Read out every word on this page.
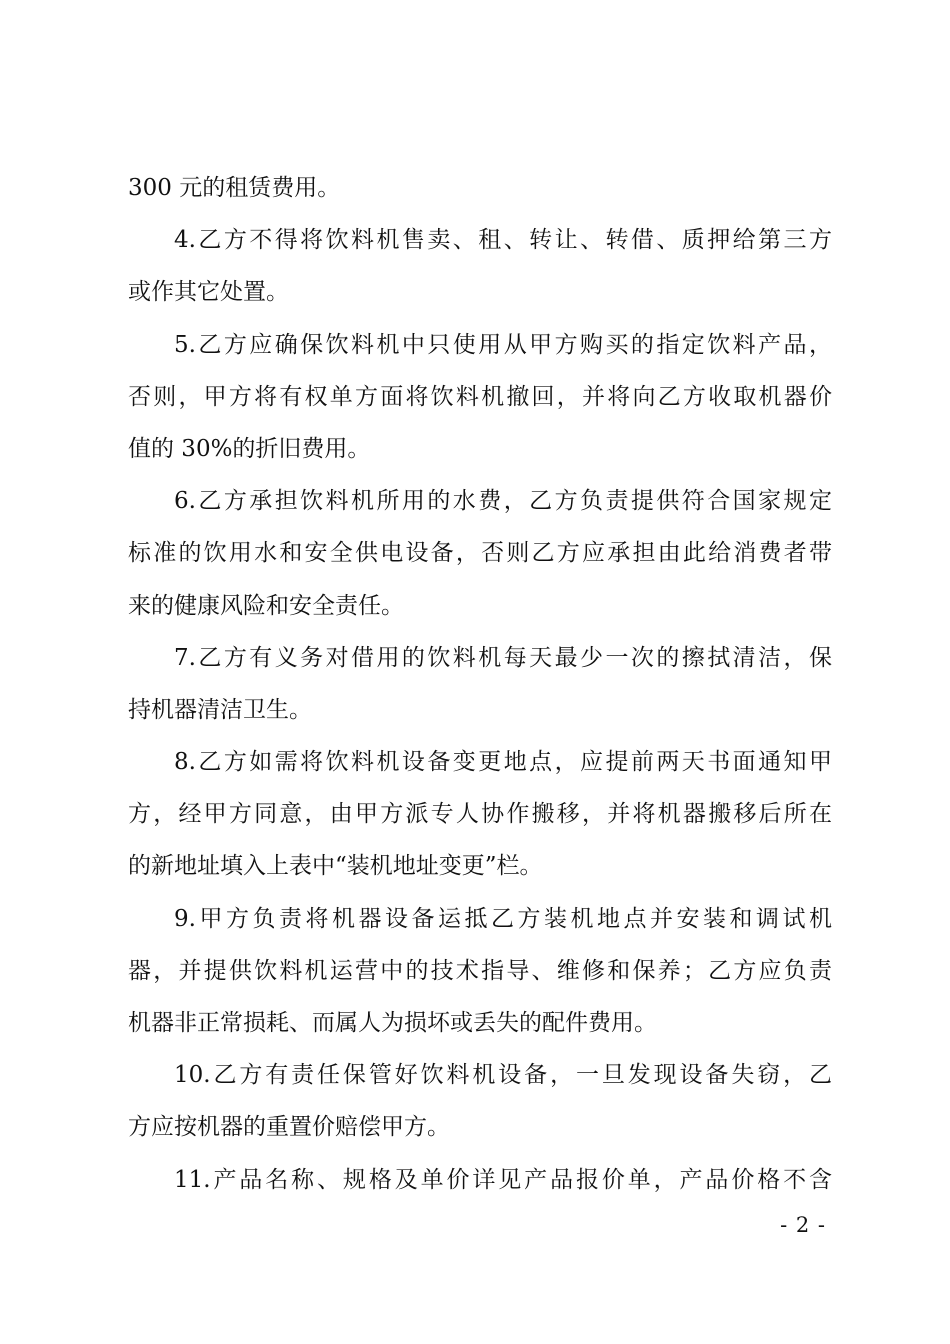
300 元的租赁费用。
4.乙方不得将饮料机售卖、租、转让、转借、质押给第三方
或作其它处置。
5.乙方应确保饮料机中只使用从甲方购买的指定饮料产品，
否则，甲方将有权单方面将饮料机撤回，并将向乙方收取机器价
值的 30%的折旧费用。
6.乙方承担饮料机所用的水费，乙方负责提供符合国家规定
标准的饮用水和安全供电设备，否则乙方应承担由此给消费者带
来的健康风险和安全责任。
7.乙方有义务对借用的饮料机每天最少一次的擦拭清洁，保
持机器清洁卫生。
8.乙方如需将饮料机设备变更地点，应提前两天书面通知甲
方，经甲方同意，由甲方派专人协作搬移，并将机器搬移后所在
的新地址填入上表中“装机地址变更”栏。
9.甲方负责将机器设备运抵乙方装机地点并安装和调试机
器，并提供饮料机运营中的技术指导、维修和保养；乙方应负责
机器非正常损耗、而属人为损坏或丢失的配件费用。
10.乙方有责任保管好饮料机设备，一旦发现设备失窃，乙
方应按机器的重置价赔偿甲方。
11.产品名称、规格及单价详见产品报价单，产品价格不含
- 2 -
